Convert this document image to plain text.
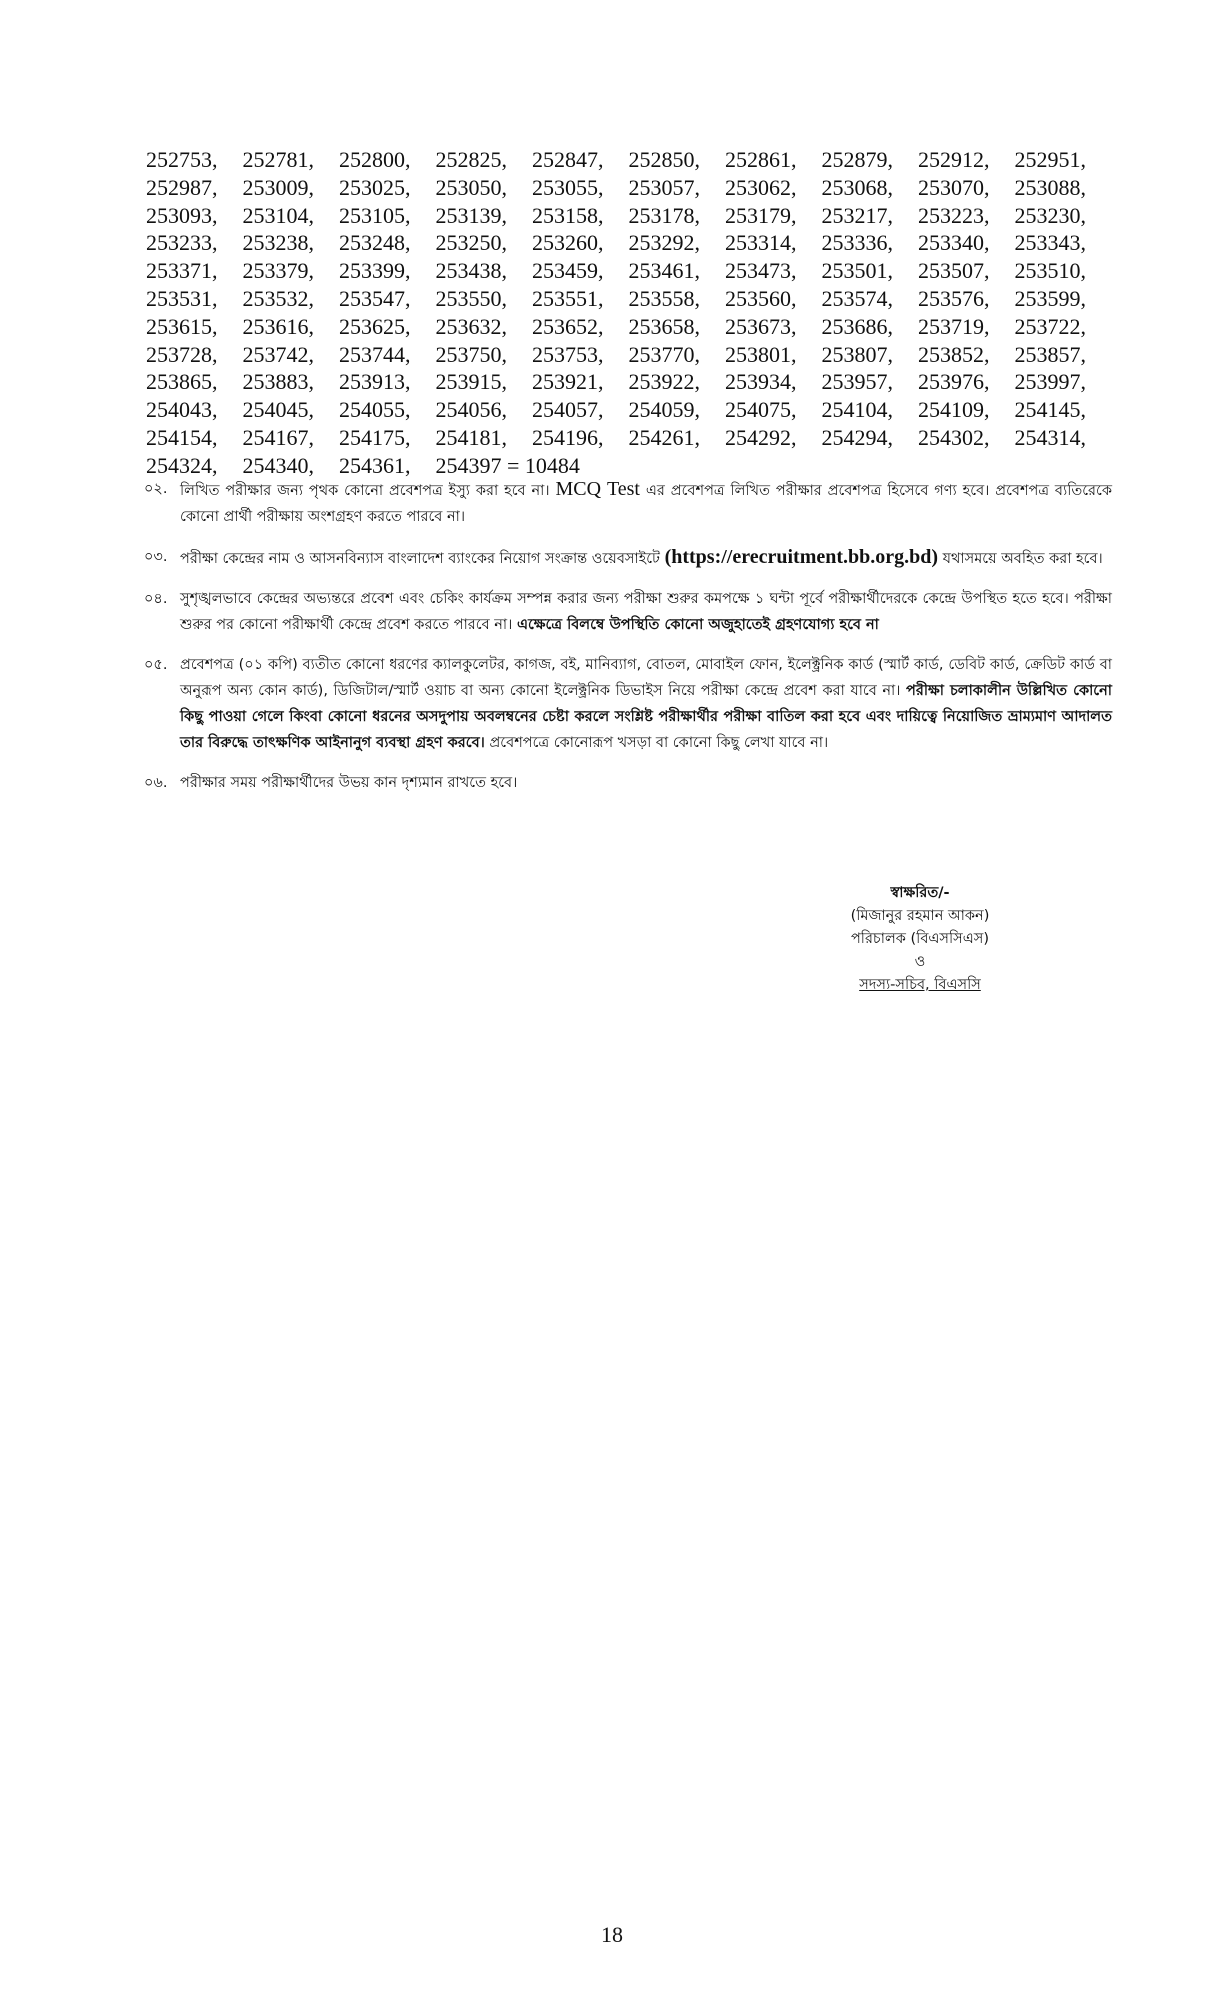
252753,	252781,	252800,	252825,	252847,	252850,	252861,	252879,	252912,	252951,
252987,	253009,	253025,	253050,	253055,	253057,	253062,	253068,	253070,	253088,
253093,	253104,	253105,	253139,	253158,	253178,	253179,	253217,	253223,	253230,
253233,	253238,	253248,	253250,	253260,	253292,	253314,	253336,	253340,	253343,
253371,	253379,	253399,	253438,	253459,	253461,	253473,	253501,	253507,	253510,
253531,	253532,	253547,	253550,	253551,	253558,	253560,	253574,	253576,	253599,
253615,	253616,	253625,	253632,	253652,	253658,	253673,	253686,	253719,	253722,
253728,	253742,	253744,	253750,	253753,	253770,	253801,	253807,	253852,	253857,
253865,	253883,	253913,	253915,	253921,	253922,	253934,	253957,	253976,	253997,
254043,	254045,	254055,	254056,	254057,	254059,	254075,	254104,	254109,	254145,
254154,	254167,	254175,	254181,	254196,	254261,	254292,	254294,	254302,	254314,
254324,	254340,	254361,	254397 = 10484
০২. লিখিত পরীক্ষার জন্য পৃথক কোনো প্রবেশপত্র ইস্যু করা হবে না। MCQ Test এর প্রবেশপত্র লিখিত পরীক্ষার প্রবেশপত্র হিসেবে গণ্য হবে। প্রবেশপত্র ব্যতিরেকে কোনো প্রার্থী পরীক্ষায় অংশগ্রহণ করতে পারবে না।
০৩. পরীক্ষা কেন্দ্রের নাম ও আসনবিন্যাস বাংলাদেশ ব্যাংকের নিয়োগ সংক্রান্ত ওয়েবসাইটে (https://erecruitment.bb.org.bd) যথাসময়ে অবহিত করা হবে।
০৪. সুশৃঙ্খলভাবে কেন্দ্রের অভ্যন্তরে প্রবেশ এবং চেকিং কার্যক্রম সম্পন্ন করার জন্য পরীক্ষা শুরুর কমপক্ষে ১ ঘন্টা পূর্বে পরীক্ষার্থীদেরকে কেন্দ্রে উপস্থিত হতে হবে। পরীক্ষা শুরুর পর কোনো পরীক্ষার্থী কেন্দ্রে প্রবেশ করতে পারবে না। এক্ষেত্রে বিলম্বে উপস্থিতি কোনো অজুহাতেই গ্রহণযোগ্য হবে না
০৫. প্রবেশপত্র (০১ কপি) ব্যতীত কোনো ধরণের ক্যালকুলেটর, কাগজ, বই, মানিব্যাগ, বোতল, মোবাইল ফোন, ইলেক্ট্রনিক কার্ড (স্মার্ট কার্ড, ডেবিট কার্ড, ক্রেডিট কার্ড বা অনুরূপ অন্য কোন কার্ড), ডিজিটাল/স্মার্ট ওয়াচ বা অন্য কোনো ইলেক্ট্রনিক ডিভাইস নিয়ে পরীক্ষা কেন্দ্রে প্রবেশ করা যাবে না। পরীক্ষা চলাকালীন উল্লিখিত কোনো কিছু পাওয়া গেলে কিংবা কোনো ধরনের অসদুপায় অবলম্বনের চেষ্টা করলে সংশ্লিষ্ট পরীক্ষার্থীর পরীক্ষা বাতিল করা হবে এবং দায়িত্বে নিয়োজিত ভ্রাম্যমাণ আদালত তার বিরুদ্ধে তাৎক্ষণিক আইনানুগ ব্যবস্থা গ্রহণ করবে। প্রবেশপত্রে কোনোরূপ খসড়া বা কোনো কিছু লেখা যাবে না।
০৬. পরীক্ষার সময় পরীক্ষার্থীদের উভয় কান দৃশ্যমান রাখতে হবে।
স্বাক্ষরিত/-
(মিজানুর রহমান আকন)
পরিচালক (বিএসসিএস)
ও
সদস্য-সচিব, বিএসসি
18
